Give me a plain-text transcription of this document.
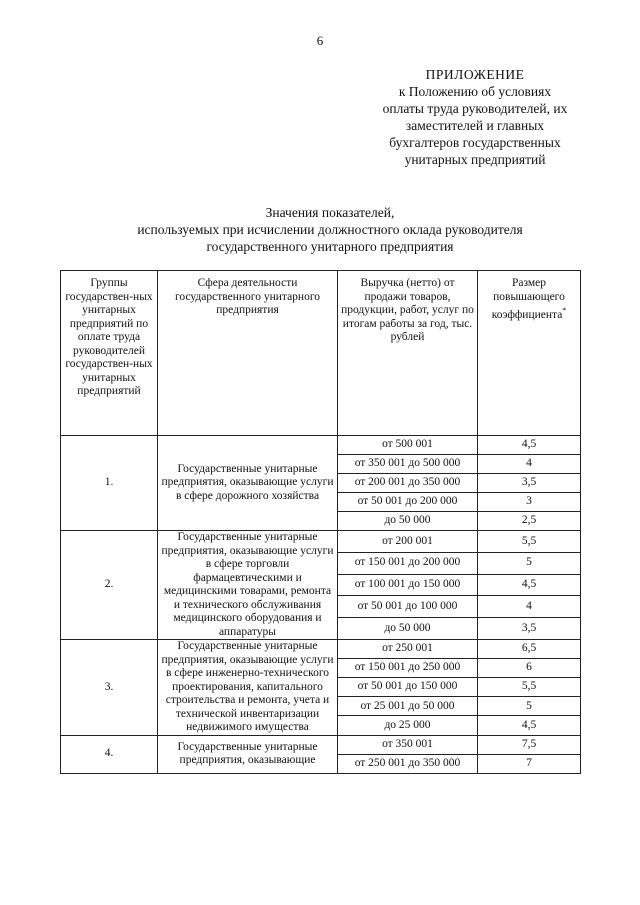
6
ПРИЛОЖЕНИЕ
к Положению об условиях
оплаты труда руководителей, их
заместителей и главных
бухгалтеров государственных
унитарных предприятий
Значения показателей,
используемых при исчислении должностного оклада руководителя
государственного унитарного предприятия
Группы государствен-ных унитарных предприятий по оплате труда руководителей государствен-ных унитарных предприятий	Сфера деятельности государственного унитарного предприятия	Выручка (нетто) от продажи товаров, продукции, работ, услуг по итогам работы за год, тыс. рублей	Размер повышающего коэффициента*
1.	Государственные унитарные предприятия, оказывающие услуги в сфере дорожного хозяйства	от 500 001	4,5
		от 350 001 до 500 000	4
		от 200 001 до 350 000	3,5
		от 50 001 до 200 000	3
		до 50 000	2,5
2.	Государственные унитарные предприятия, оказывающие услуги в сфере торговли фармацевтическими и медицинскими товарами, ремонта и технического обслуживания медицинского оборудования и аппаратуры	от 200 001	5,5
		от 150 001 до 200 000	5
		от 100 001 до 150 000	4,5
		от 50 001 до 100 000	4
		до 50 000	3,5
3.	Государственные унитарные предприятия, оказывающие услуги в сфере инженерно-технического проектирования, капитального строительства и ремонта, учета и технической инвентаризации недвижимого имущества	от 250 001	6,5
		от 150 001 до 250 000	6
		от 50 001 до 150 000	5,5
		от 25 001 до 50 000	5
		до 25 000	4,5
4.	Государственные унитарные предприятия, оказывающие	от 350 001	7,5
		от 250 001 до 350 000	7
